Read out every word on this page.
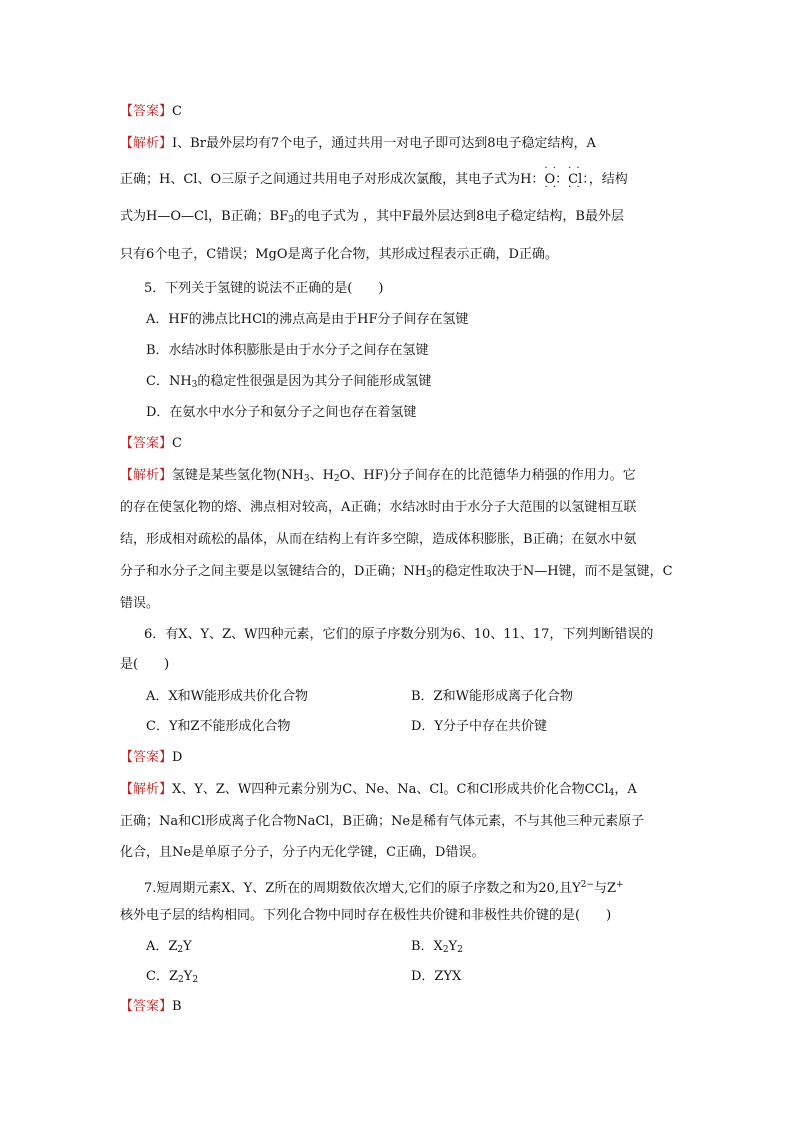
【答案】C
【解析】I、Br最外层均有7个电子，通过共用一对电子即可达到8电子稳定结构，A
正确；H、Cl、O三原子之间通过共用电子对形成次氯酸，其电子式为H：· · O · ·：· · Cl · ·：，结构
式为H—O—Cl，B正确；$BF_3$的电子式为 ，其中F最外层达到8电子稳定结构，B最外层
只有6个电子，C错误；MgO是离子化合物，其形成过程表示正确，D正确。
5．下列关于氢键的说法不正确的是(　　)
A．HF的沸点比HCl的沸点高是由于HF分子间存在氢键
B．水结冰时体积膨胀是由于水分子之间存在氢键
C．$NH_3$的稳定性很强是因为其分子间能形成氢键
D．在氨水中水分子和氨分子之间也存在着氢键
【答案】C
【解析】氢键是某些氢化物($NH_3$、$H_2O$、HF)分子间存在的比范德华力稍强的作用力。它
的存在使氢化物的熔、沸点相对较高，A正确；水结冰时由于水分子大范围的以氢键相互联
结，形成相对疏松的晶体，从而在结构上有许多空隙，造成体积膨胀，B正确；在氨水中氨
分子和水分子之间主要是以氢键结合的，D正确；$NH_3$的稳定性取决于N—H键，而不是氢键，C
错误。
6．有X、Y、Z、W四种元素，它们的原子序数分别为6、10、11、17，下列判断错误的
是(　　)
A．X和W能形成共价化合物	B．Z和W能形成离子化合物
C．Y和Z不能形成化合物	D．Y分子中存在共价键
【答案】D
【解析】X、Y、Z、W四种元素分别为C、Ne、Na、Cl。C和Cl形成共价化合物CCl$_4$，A
正确；Na和Cl形成离子化合物NaCl，B正确；Ne是稀有气体元素，不与其他三种元素原子
化合，且Ne是单原子分子，分子内无化学键，C正确，D错误。
7.短周期元素X、Y、Z所在的周期数依次增大,它们的原子序数之和为20,且$Y^{2-}$与Z+
核外电子层的结构相同。下列化合物中同时存在极性共价键和非极性共价键的是(　　)
A．$Z_2Y$	B．$X_2Y_2$
C．$Z_2Y_2$	D．ZYX
【答案】B
